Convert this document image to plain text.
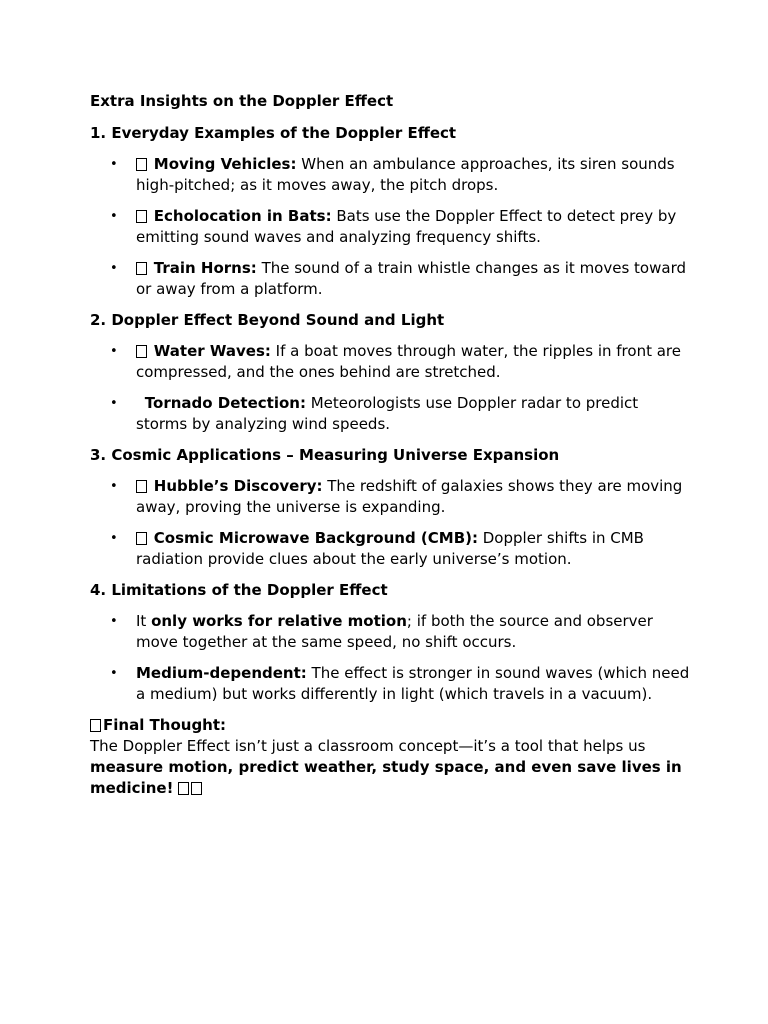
Extra Insights on the Doppler Effect

1. Everyday Examples of the Doppler Effect

• Moving Vehicles: When an ambulance approaches, its siren sounds high-pitched; as it moves away, the pitch drops.
• Echolocation in Bats: Bats use the Doppler Effect to detect prey by emitting sound waves and analyzing frequency shifts.
• Train Horns: The sound of a train whistle changes as it moves toward or away from a platform.

2. Doppler Effect Beyond Sound and Light

• Water Waves: If a boat moves through water, the ripples in front are compressed, and the ones behind are stretched.
• Tornado Detection: Meteorologists use Doppler radar to predict storms by analyzing wind speeds.

3. Cosmic Applications – Measuring Universe Expansion

• Hubble’s Discovery: The redshift of galaxies shows they are moving away, proving the universe is expanding.
• Cosmic Microwave Background (CMB): Doppler shifts in CMB radiation provide clues about the early universe’s motion.

4. Limitations of the Doppler Effect

• It only works for relative motion; if both the source and observer move together at the same speed, no shift occurs.
• Medium-dependent: The effect is stronger in sound waves (which need a medium) but works differently in light (which travels in a vacuum).

Final Thought:

The Doppler Effect isn’t just a classroom concept—it’s a tool that helps us measure motion, predict weather, study space, and even save lives in medicine!
